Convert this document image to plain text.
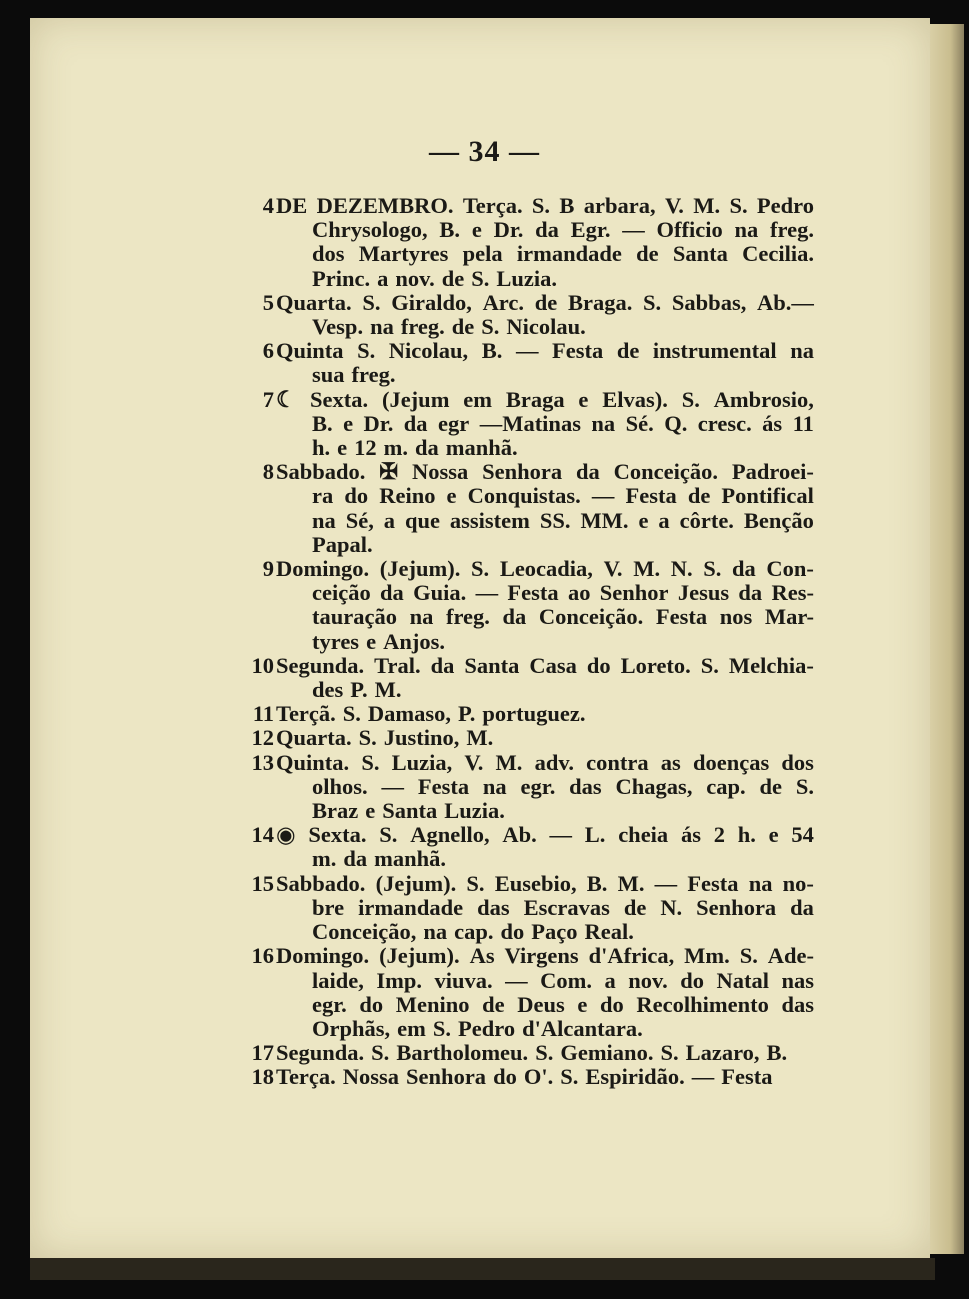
— 34 —
4 DE DEZEMBRO. Terça. S. B arbara, V. M. S. Pedro
Chrysologo, B. e Dr. da Egr. — Officio na freg.
dos Martyres pela irmandade de Santa Cecilia.
Princ. a nov. de S. Luzia.
5 Quarta. S. Giraldo, Arc. de Braga. S. Sabbas, Ab.—
Vesp. na freg. de S. Nicolau.
6 Quinta S. Nicolau, B. — Festa de instrumental na
sua freg.
7 ☾ Sexta. (Jejum em Braga e Elvas). S. Ambrosio,
B. e Dr. da egr —Matinas na Sé. Q. cresc. ás 11
h. e 12 m. da manhã.
8 Sabbado. ✠ Nossa Senhora da Conceição. Padroei-
ra do Reino e Conquistas. — Festa de Pontifical
na Sé, a que assistem SS. MM. e a côrte. Benção
Papal.
9 Domingo. (Jejum). S. Leocadia, V. M. N. S. da Con-
ceição da Guia. — Festa ao Senhor Jesus da Res-
tauração na freg. da Conceição. Festa nos Mar-
tyres e Anjos.
10 Segunda. Tral. da Santa Casa do Loreto. S. Melchia-
des P. M.
11 Terçã. S. Damaso, P. portuguez.
12 Quarta. S. Justino, M.
13 Quinta. S. Luzia, V. M. adv. contra as doenças dos
olhos. — Festa na egr. das Chagas, cap. de S.
Braz e Santa Luzia.
14 ◉ Sexta. S. Agnello, Ab. — L. cheia ás 2 h. e 54
m. da manhã.
15 Sabbado. (Jejum). S. Eusebio, B. M. — Festa na no-
bre irmandade das Escravas de N. Senhora da
Conceição, na cap. do Paço Real.
16 Domingo. (Jejum). As Virgens d'Africa, Mm. S. Ade-
laide, Imp. viuva. — Com. a nov. do Natal nas
egr. do Menino de Deus e do Recolhimento das
Orphãs, em S. Pedro d'Alcantara.
17 Segunda. S. Bartholomeu. S. Gemiano. S. Lazaro, B.
18 Terça. Nossa Senhora do O'. S. Espiridão. — Festa
